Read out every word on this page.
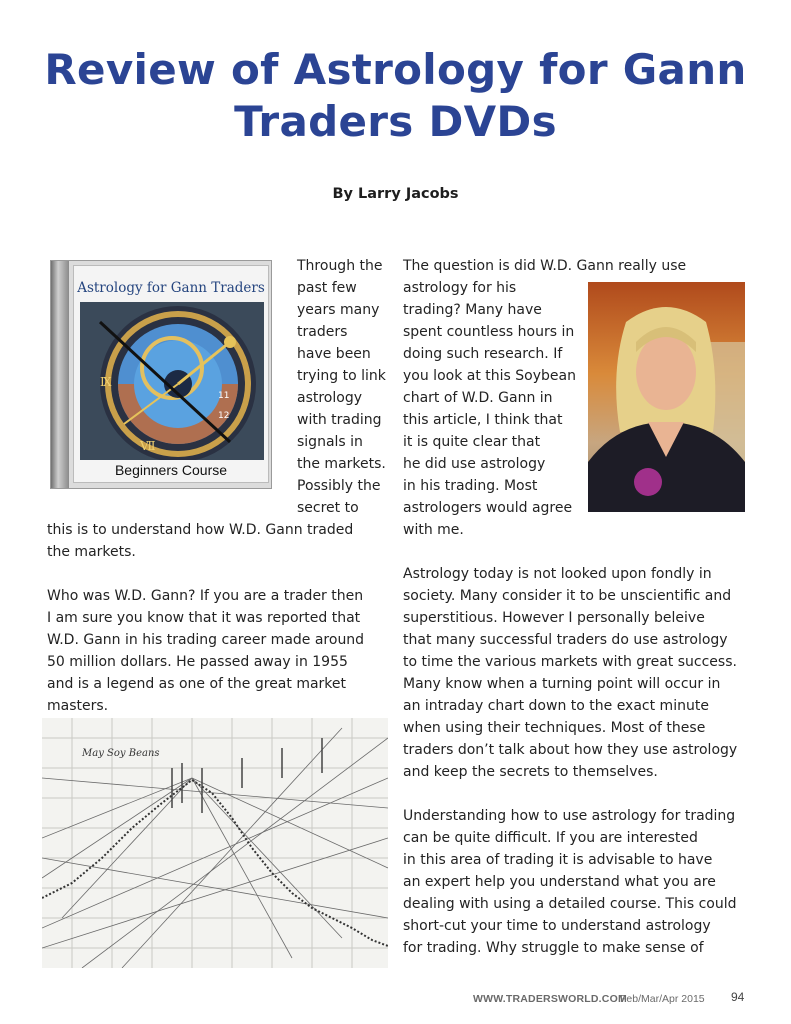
Review of Astrology for Gann
Traders DVDs
By Larry Jacobs
Astrology for Gann Traders
11
12
Ⅸ
Ⅶ
Beginners Course
Through the
past few
years many
traders
have been
trying to link
astrology
with trading
signals in
the markets.
Possibly the
secret to
this is to understand how W.D. Gann traded
the markets.
Who was W.D. Gann? If you are a trader then
I am sure you know that it was reported that
W.D. Gann in his trading career made around
50 million dollars. He passed away in 1955
and is a legend as one of the great market
masters.
May Soy Beans
The question is did W.D. Gann really use
astrology for his
trading? Many have
spent countless hours in
doing such research. If
you look at this Soybean
chart of W.D. Gann in
this article, I think that
it is quite clear that
he did use astrology
in his trading. Most
astrologers would agree
with me.
Astrology today is not looked upon fondly in
society. Many consider it to be unscientific and
superstitious. However I personally beleive
that many successful traders do use astrology
to time the various markets with great success.
Many know when a turning point will occur in
an intraday chart down to the exact minute
when using their techniques. Most of these
traders don’t talk about how they use astrology
and keep the secrets to themselves.
Understanding how to use astrology for trading
can be quite difficult. If you are interested
in this area of trading it is advisable to have
an expert help you understand what you are
dealing with using a detailed course. This could
short-cut your time to understand astrology
for trading. Why struggle to make sense of
WWW.TRADERSWORLD.COM
Feb/Mar/Apr 2015 94
